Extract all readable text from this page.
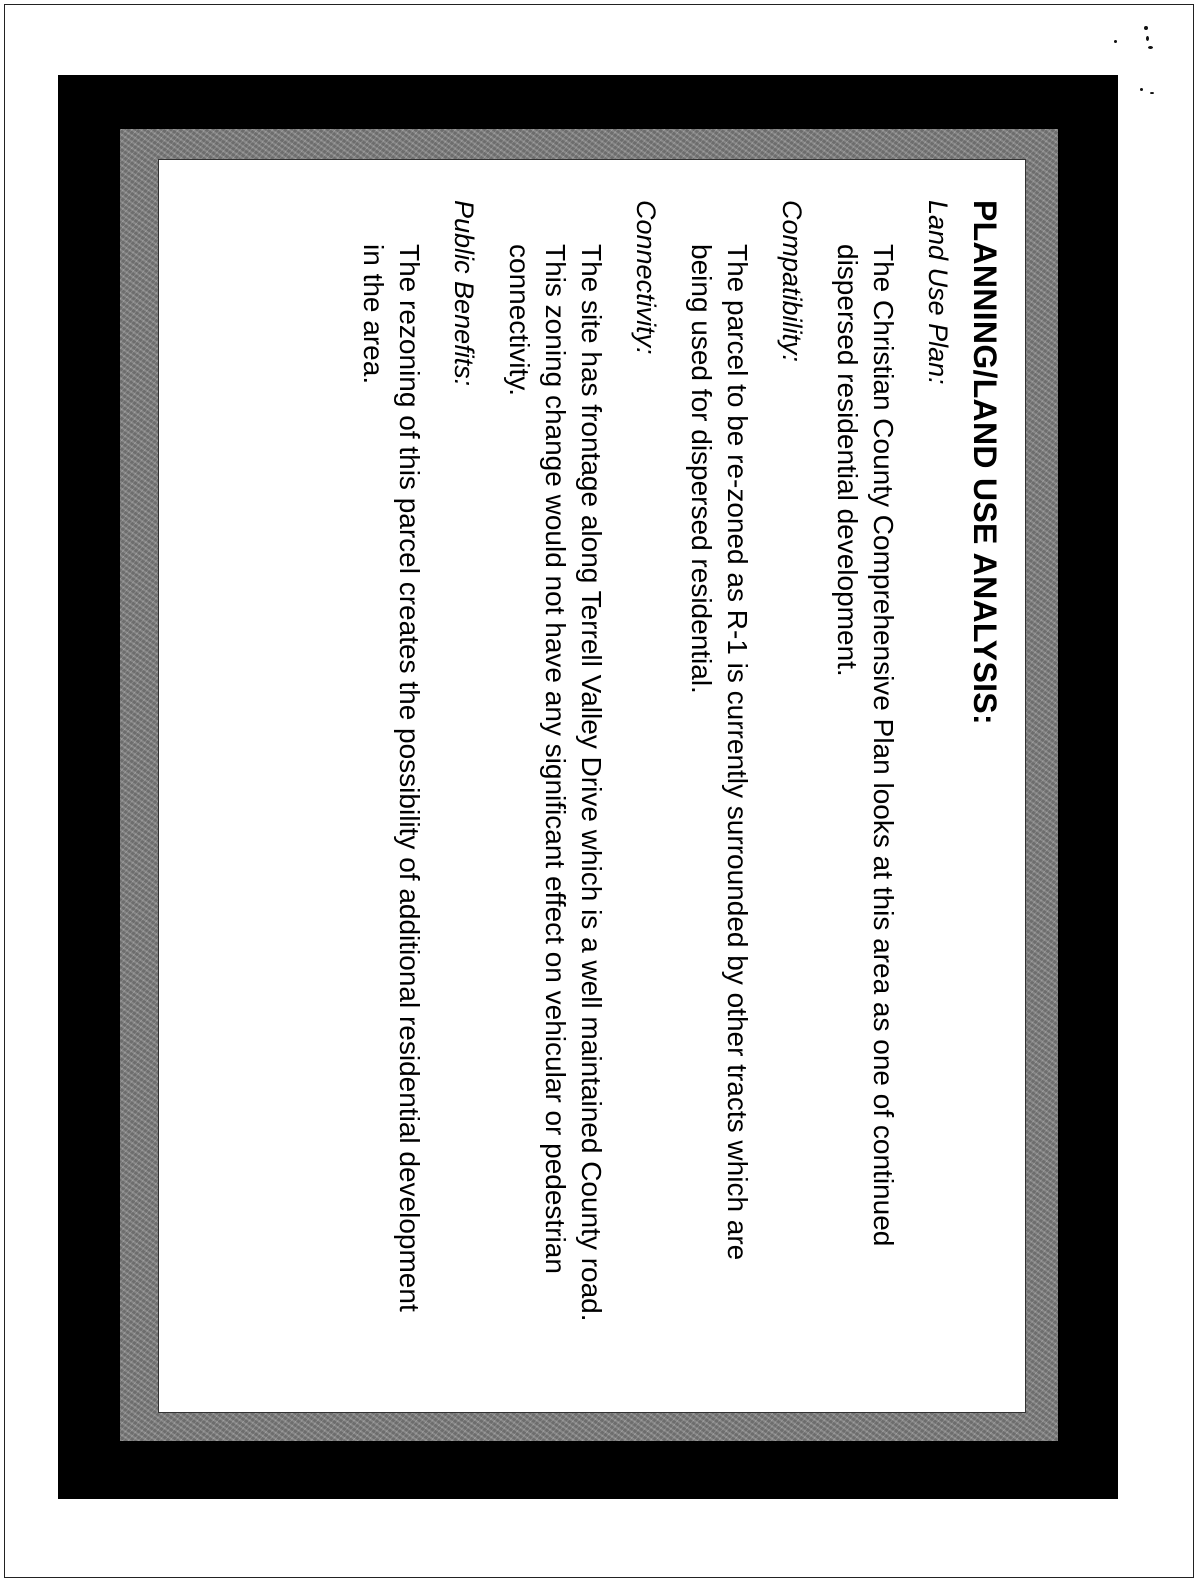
PLANNING/LAND USE ANALYSIS:

Land Use Plan:

The Christian County Comprehensive Plan looks at this area as one of continued dispersed residential development.

Compatibility:

The parcel to be re-zoned as R-1 is currently surrounded by other tracts which are being used for dispersed residential.

Connectivity:

The site has frontage along Terrell Valley Drive which is a well maintained County road. This zoning change would not have any significant effect on vehicular or pedestrian connectivity.

Public Benefits:

The rezoning of this parcel creates the possibility of additional residential development in the area.
